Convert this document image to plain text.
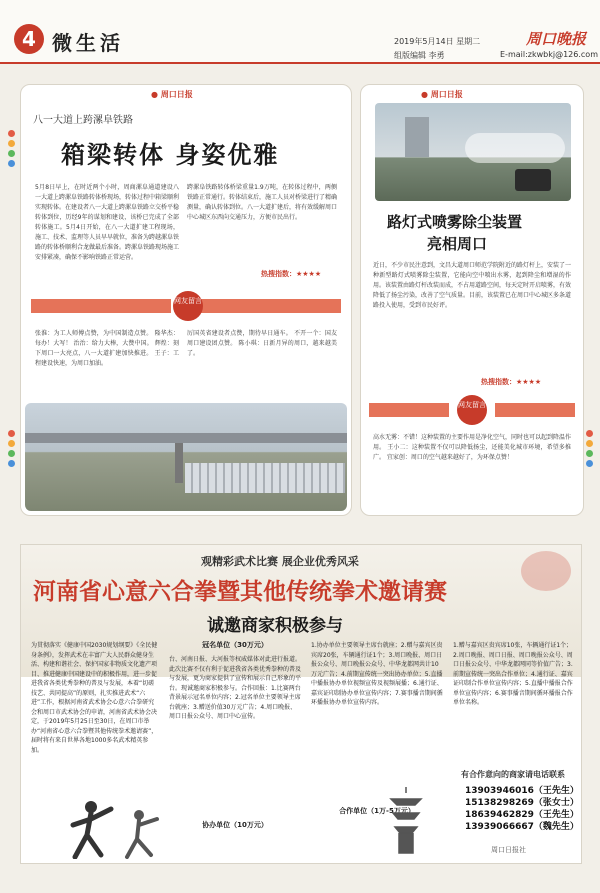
4 微生活	2019年5月14日 星期二
组版编辑 李勇
周口晚报
E-mail:zkwbkj@126.com
● 周口日报
八一大道上跨漯阜铁路
箱梁转体 身姿优雅
5月8日早上，在时近两个小时，周商漯阜通道建设八一大道上跨漯阜铁路转体桥现场，转体过程中箱梁顺利实现转体。在建设者八一大道上跨漯阜铁路立交桥平稳转体到位，历经9年的谋划和建设，该桥已完成了全部转体施工。5月4日开始，在八一大道扩建工程现场，施工、技术、监理等人员早早就位，准备为跨越漯阜铁路的转体桥顺利合龙做最后准备。跨漯阜铁路现场施工安排紧凑，确保不影响铁路正常运营。
跨漯阜铁路转体桥梁重量1.9万吨，在转体过程中，两侧铁路正常通行。转体结束后，施工人员对桥梁进行了精确测量，确认转体到位。八一大道扩建后，将有效缓解周口中心城区东西向交通压力，方便市民出行。
热搜指数：★★★★
网友留言
张淮：为工人师傅点赞，为中国制造点赞。 隆华杰：每办！大写！ 治治：给力大棒，大赞中国。 辉煌：刻下周口一大亮点，八一大道扩建加快推进。 王子：工程建设快速，为周口加油。
厉国英省建设者点赞，期待早日通车。 不开一个：国友周口建设团点赞。 陈小琪：日新月异的周口，越来越美了。
● 周口日报
路灯式喷雾除尘装置
亮相周口
近日，不少市民注意到，文昌大道周口师范学院附近的路灯杆上，安装了一种新型路灯式喷雾除尘装置，它能向空中喷出水雾，起到降尘和增湿的作用。该装置由路灯杆改装而成，不占用道路空间，每天定时开启喷雾，有效降低了扬尘污染，改善了空气质量。目前，该装置已在周口中心城区多条道路投入使用，受到市民好评。
热搜指数：★★★★
网友留言
高水无雾：不错！这种装置的主要作用是净化空气，同时也可以起到降温作用。 王小二：这种装置不仅可以降低扬尘，还能美化城市环境，希望多推广。 宜家创：周口的空气越来越好了，为环保点赞！
观精彩武术比赛 展企业优秀风采
河南省心意六合拳暨其他传统拳术邀请赛
诚邀商家积极参与
为贯彻落实《健康中国2030规划纲要》《全民健身条例》，发挥武术在丰富广大人民群众健身生活、构建和谐社会、保护国家非物质文化遗产项目、推进健康中国建设中的积极作用，进一步促进我省各类优秀拳种的普及与发展，本着“切磋技艺、共同提高”的原则，扎实推进武术“六进”工作，根据河南省武术协会心意六合拳研究会和周口市武术协会的申请，河南省武术协会决定，于2019年5月25日至30日，在周口市举办“河南省心意六合拳暨其他传统拳术邀请赛”，届时将有来自世界各地1000多名武术精英参加。
冠名单位（30万元）
台、河南日报、大河报等权威媒体对此进行报道。此次比赛不仅有利于促进我省各类优秀拳种的普及与发展，更为商家提供了宣传和展示自己形象的平台。现诚邀商家积极参与。合作回报：1.比赛两台背景展示冠名单位内容；2.冠名单位主要领导主席台就座；3.赠送价值30万元广告；4.周口晚报、周口日报公众号、周口中心宣传。
协办单位（10万元）
1.协办单位主要领导主席台就座；2.赠与嘉宾区贵宾席20张，车辆通行证1个；3.周口晚报、周口日报公众号、周口晚报公众号、中华龙都网共计10万元广告；4.前期宣传统一突出协办单位；5.直播中播报协办单位视频宣传及视频展播；6.通行证、嘉宾证印制协办单位宣传内容；7.赛事播音期间循环播报协办单位宣传内容。
合作单位（1万-5万元）
1.赠与嘉宾区贵宾席10张，车辆通行证1个；2.周口晚报、周口日报、周口晚报公众号、周口日报公众号、中华龙都网同等价值广告；3.前期宣传统一突出合作单位；4.通行证、嘉宾证印制合作单位宣传内容；5.直播中播报合作单位宣传内容；6.赛事播音期间循环播报合作单位名称。
有合作意向的商家请电话联系
13903946016（王先生）
15138298269（张女士）
18639462829（王先生）
13939066667（魏先生）
周口日报社
